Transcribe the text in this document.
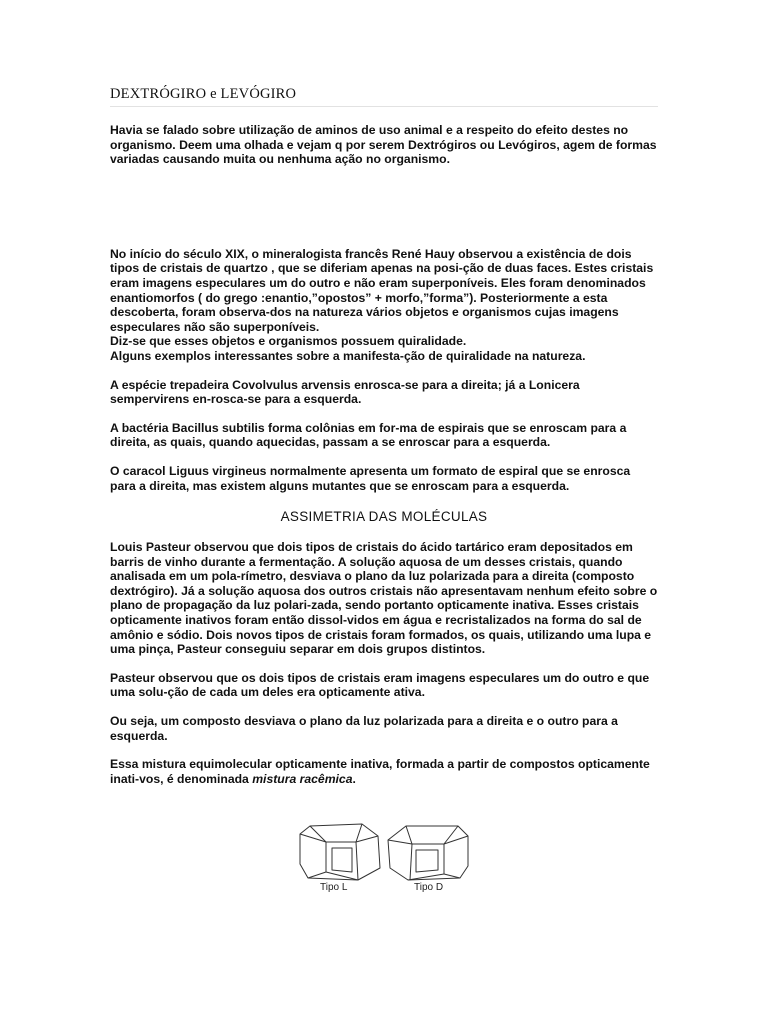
DEXTRÓGIRO e LEVÓGIRO

Havia se falado sobre utilização de aminos de uso animal e a respeito do efeito destes no organismo. Deem uma olhada e vejam q por serem Dextrógiros ou Levógiros, agem de formas variadas causando muita ou nenhuma ação no organismo.

No início do século XIX, o mineralogista francês René Hauy observou a existência de dois tipos de cristais de quartzo , que se diferiam apenas na posi-ção de duas faces. Estes cristais eram imagens especulares um do outro e não eram superponíveis. Eles foram denominados enantiomorfos ( do grego :enantio,”opostos” + morfo,”forma”). Posteriormente a esta descoberta, foram observa-dos na natureza vários objetos e organismos cujas imagens especulares não são superponíveis.

Diz-se que esses objetos e organismos possuem quiralidade.

Alguns exemplos interessantes sobre a manifesta-ção de quiralidade na natureza.

A espécie trepadeira Covolvulus arvensis enrosca-se para a direita; já a Lonicera sempervirens en-rosca-se para a esquerda.

A bactéria Bacillus subtilis forma colônias em for-ma de espirais que se enroscam para a direita, as quais, quando aquecidas, passam a se enroscar para a esquerda.

O caracol Liguus virgineus normalmente apresenta um formato de espiral que se enrosca para a direita, mas existem alguns mutantes que se enroscam para a esquerda.

ASSIMETRIA DAS MOLÉCULAS

Louis Pasteur observou que dois tipos de cristais do ácido tartárico eram depositados em barris de vinho durante a fermentação. A solução aquosa de um desses cristais, quando analisada em um pola-rímetro, desviava o plano da luz polarizada para a direita (composto dextrógiro). Já a solução aquosa dos outros cristais não apresentavam nenhum efeito sobre o plano de propagação da luz polari-zada, sendo portanto opticamente inativa. Esses cristais opticamente inativos foram então dissol-vidos em água e recristalizados na forma do sal de amônio e sódio. Dois novos tipos de cristais foram formados, os quais, utilizando uma lupa e uma pinça, Pasteur conseguiu separar em dois grupos distintos.

Pasteur observou que os dois tipos de cristais eram imagens especulares um do outro e que uma solu-ção de cada um deles era opticamente ativa.

Ou seja, um composto desviava o plano da luz polarizada para a direita e o outro para a esquerda.

Essa mistura equimolecular opticamente inativa, formada a partir de compostos opticamente inati-vos, é denominada mistura racêmica.

Tipo L	Tipo D
